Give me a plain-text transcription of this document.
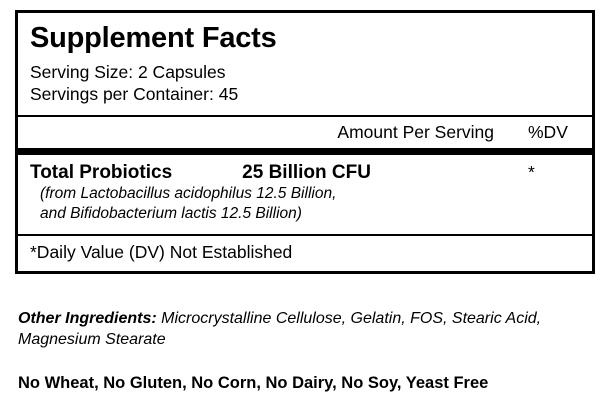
Supplement Facts
Serving Size: 2 Capsules
Servings per Container: 45
Amount Per Serving %DV
Total Probiotics	25 Billion CFU	*
(from Lactobacillus acidophilus 12.5 Billion,
and Bifidobacterium lactis 12.5 Billion)
*Daily Value (DV) Not Established
Other Ingredients: Microcrystalline Cellulose, Gelatin, FOS, Stearic Acid, Magnesium Stearate
No Wheat, No Gluten, No Corn, No Dairy, No Soy, Yeast Free
